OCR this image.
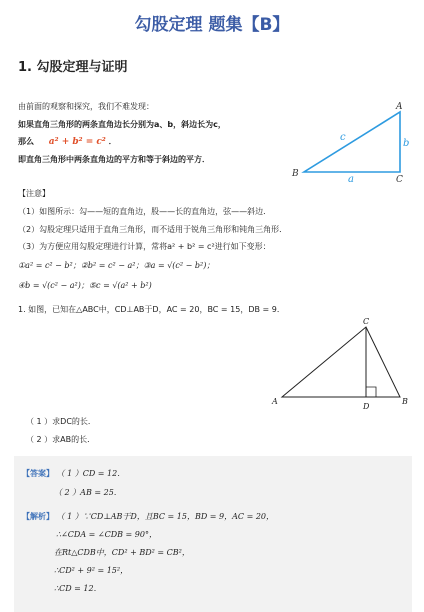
勾股定理 题集【B】
1. 勾股定理与证明
由前面的观察和探究，我们不难发现：
如果直角三角形的两条直角边长分别为a、b，斜边长为c，
那么 a² + b² = c² ．
即直角三角形中两条直角边的平方和等于斜边的平方．
A
B
C
a
b
c
【注意】
（1）如图所示：勾——短的直角边，股——长的直角边，弦——斜边．
（2）勾股定理只适用于直角三角形，而不适用于锐角三角形和钝角三角形．
（3）为方便应用勾股定理进行计算，常将a² + b² = c²进行如下变形：
①a² = c² − b²；②b² = c² − a²；③a = √(c² − b²)；
④b = √(c² − a²)；⑤c = √(a² + b²)
1. 如图，已知在△ABC中，CD⊥AB于D，AC = 20，BC = 15，DB = 9．
C
A
D
B
（ 1 ）求DC的长．
（ 2 ）求AB的长．
【答案】 （ 1 ）CD = 12．
（ 2 ）AB = 25．
【解析】 （ 1 ）∵CD⊥AB于D，且BC = 15，BD = 9，AC = 20，
∴∠CDA = ∠CDB = 90°，
在Rt△CDB中，CD² + BD² = CB²，
∴CD² + 9² = 15²，
∴CD = 12．
